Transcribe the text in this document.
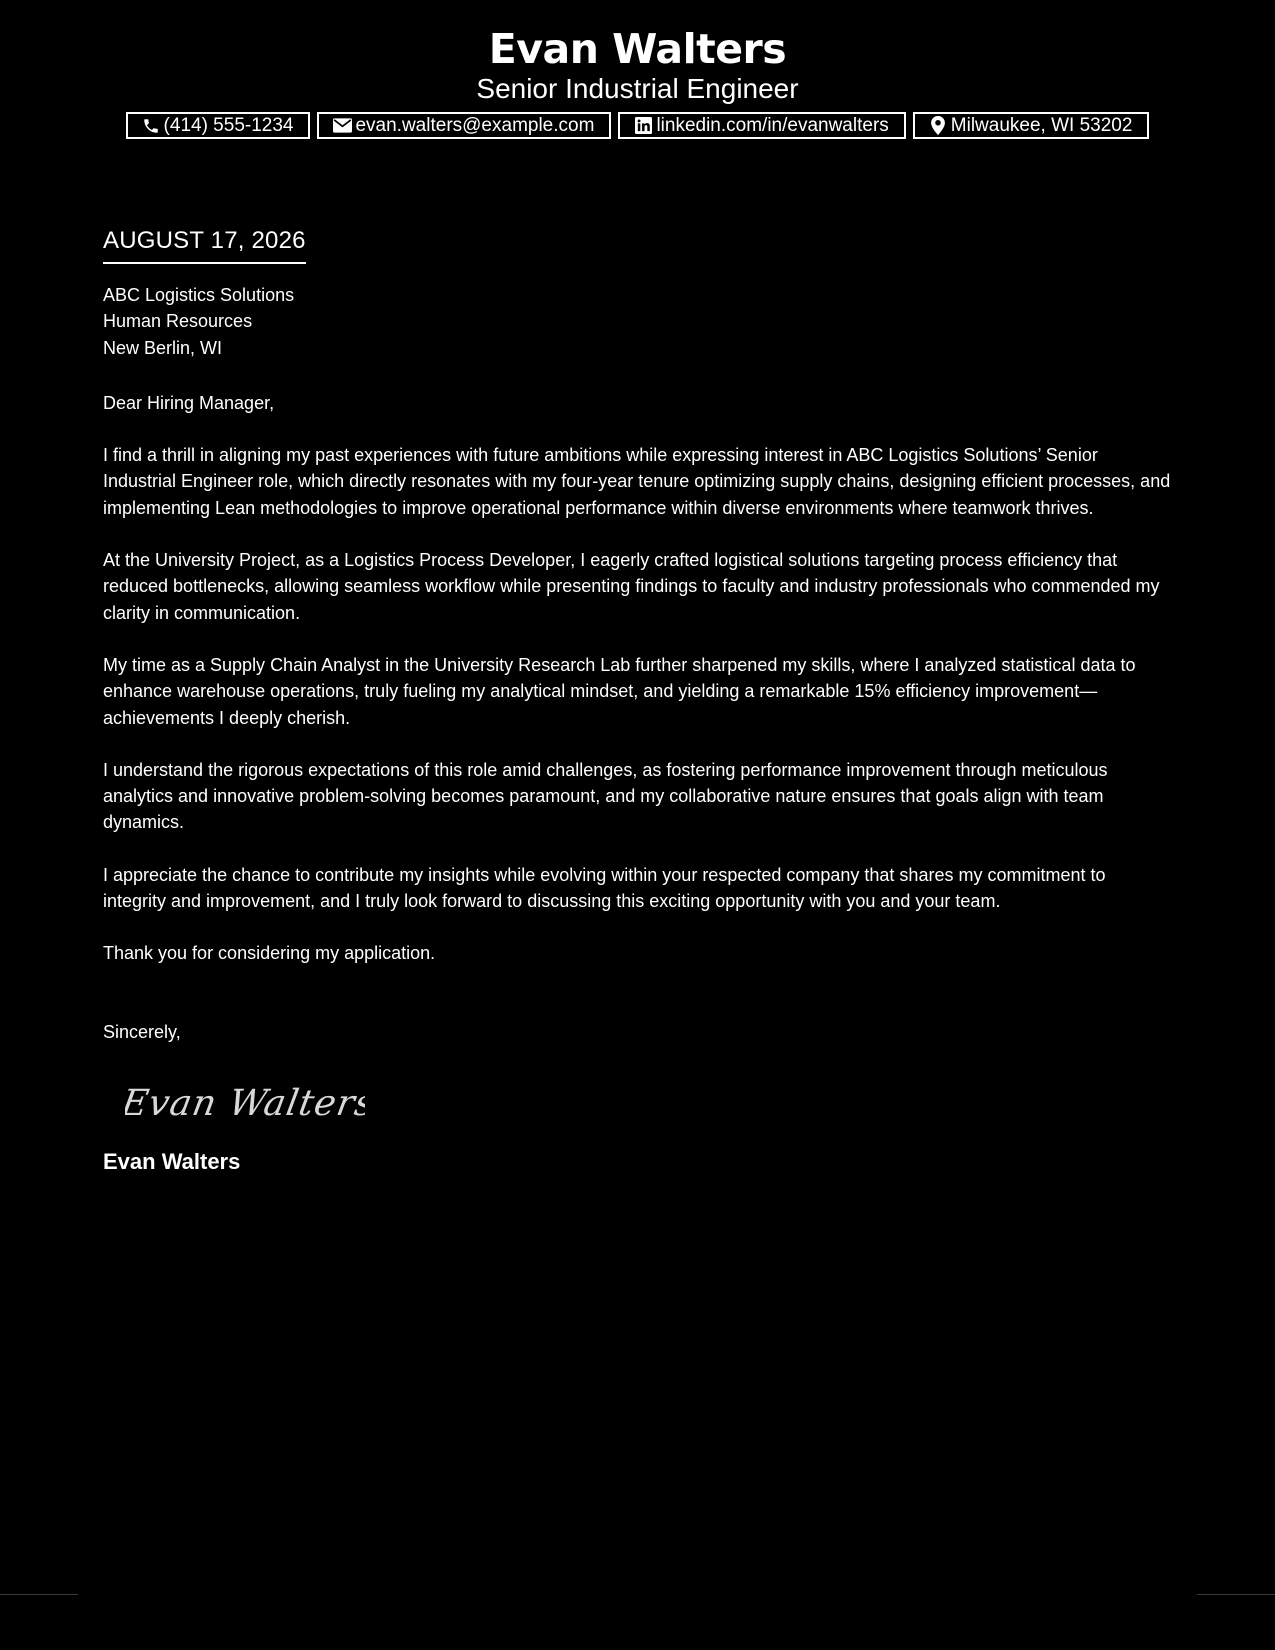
Evan Walters
Senior Industrial Engineer
(414) 555-1234	evan.walters@example.com	linkedin.com/in/evanwalters	Milwaukee, WI 53202
AUGUST 17, 2026
ABC Logistics Solutions
Human Resources
New Berlin, WI
Dear Hiring Manager,
I find a thrill in aligning my past experiences with future ambitions while expressing interest in ABC Logistics Solutions’ Senior Industrial Engineer role, which directly resonates with my four-year tenure optimizing supply chains, designing efficient processes, and implementing Lean methodologies to improve operational performance within diverse environments where teamwork thrives.
At the University Project, as a Logistics Process Developer, I eagerly crafted logistical solutions targeting process efficiency that reduced bottlenecks, allowing seamless workflow while presenting findings to faculty and industry professionals who commended my clarity in communication.
My time as a Supply Chain Analyst in the University Research Lab further sharpened my skills, where I analyzed statistical data to enhance warehouse operations, truly fueling my analytical mindset, and yielding a remarkable 15% efficiency improvement—achievements I deeply cherish.
I understand the rigorous expectations of this role amid challenges, as fostering performance improvement through meticulous analytics and innovative problem-solving becomes paramount, and my collaborative nature ensures that goals align with team dynamics.
I appreciate the chance to contribute my insights while evolving within your respected company that shares my commitment to integrity and improvement, and I truly look forward to discussing this exciting opportunity with you and your team.
Thank you for considering my application.
Sincerely,
Evan Walters
Evan Walters
